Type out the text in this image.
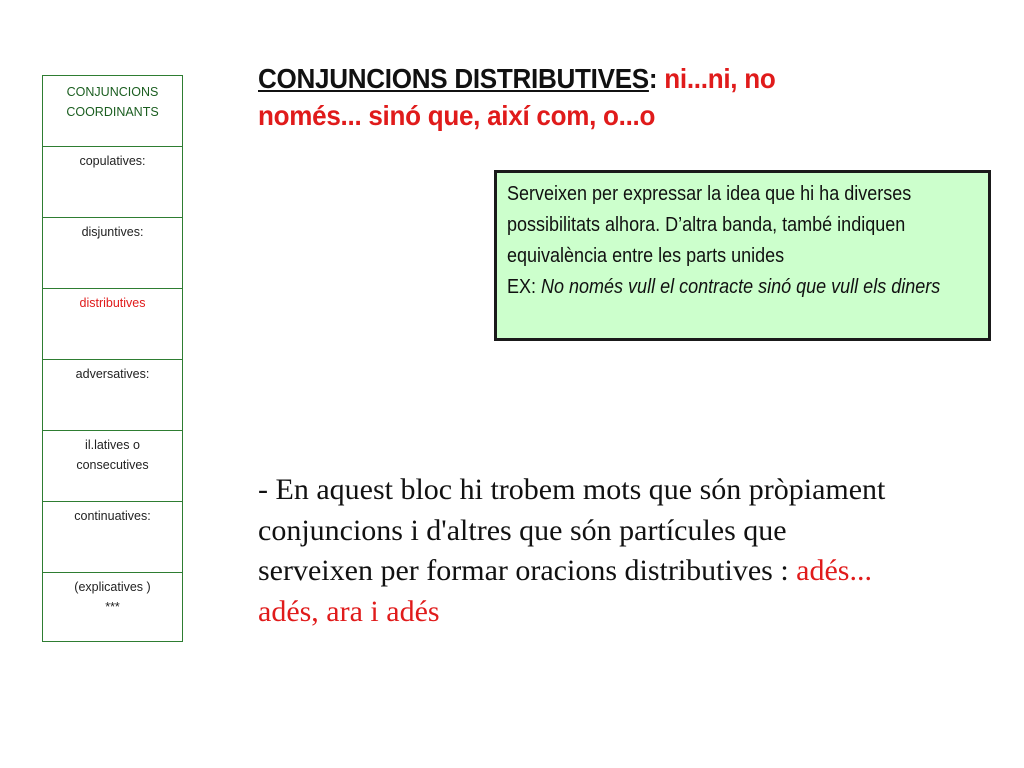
CONJUNCIONS
COORDINANTS
copulatives:
disjuntives:
distributives
adversatives:
il.latives o
consecutives
continuatives:
(explicatives )
***
CONJUNCIONS DISTRIBUTIVES: ni...ni, no només... sinó que, així com, o...o
Serveixen per expressar la idea que hi ha diverses possibilitats alhora. D’altra banda, també indiquen equivalència entre les parts unides
EX: No només vull el contracte sinó que vull els diners
- En aquest bloc hi trobem mots que són pròpiament conjuncions i d'altres que són partícules que serveixen per formar oracions distributives : adés... adés, ara i adés
